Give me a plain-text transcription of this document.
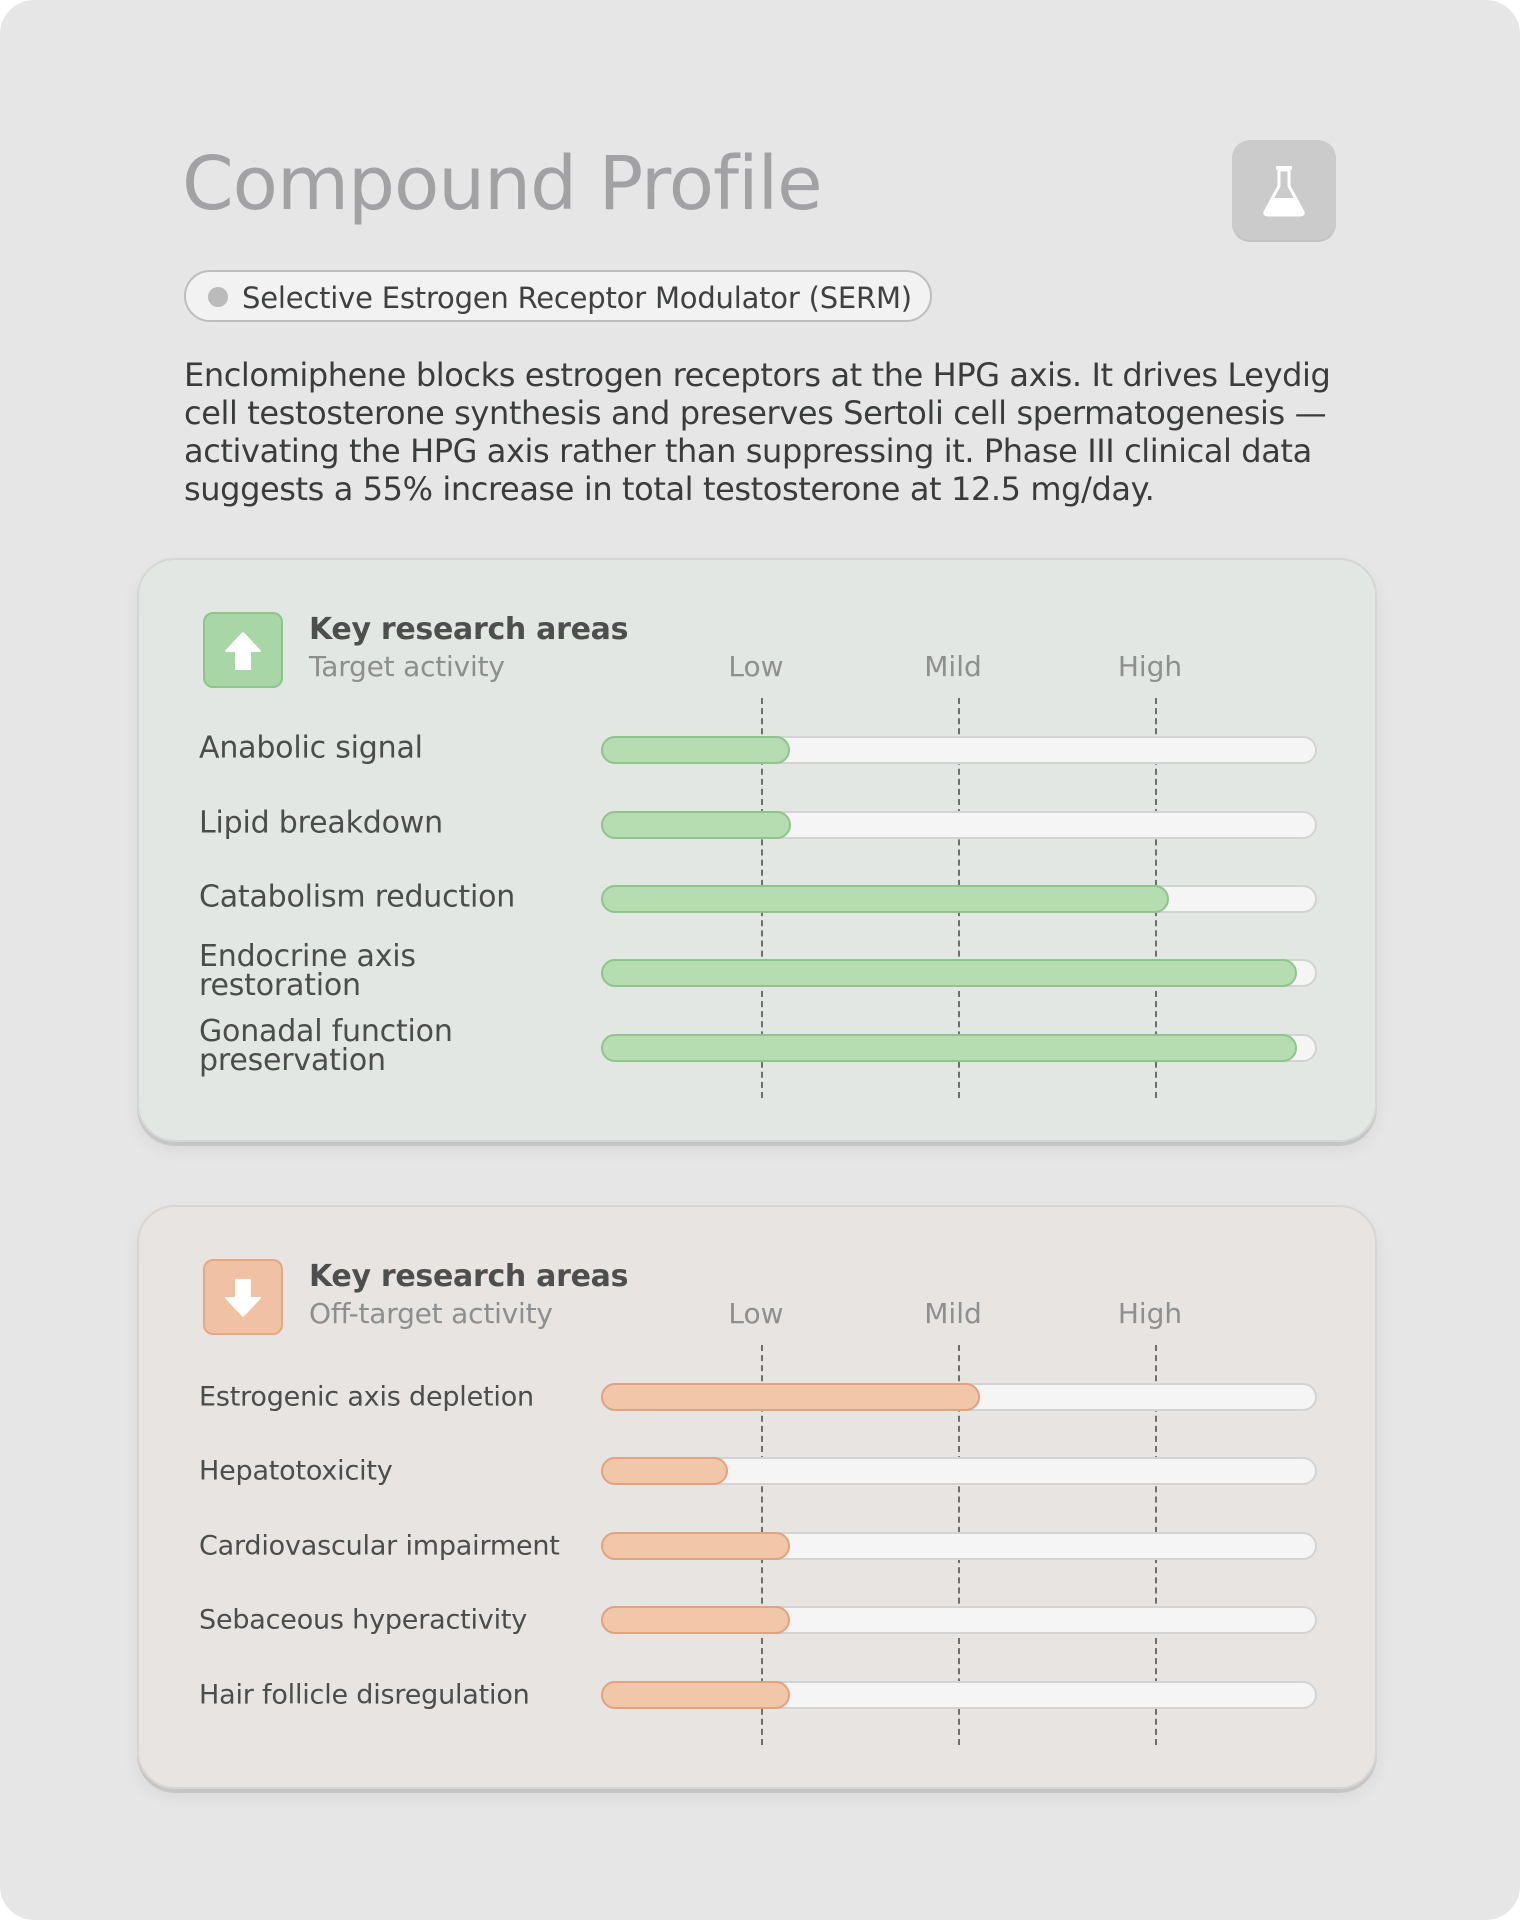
Compound Profile
Selective Estrogen Receptor Modulator (SERM)

Enclomiphene blocks estrogen receptors at the HPG axis. It drives Leydig cell testosterone synthesis and preserves Sertoli cell spermatogenesis — activating the HPG axis rather than suppressing it. Phase III clinical data suggests a 55% increase in total testosterone at 12.5 mg/day.

Key research areas
Target activity	Low	Mild	High
Anabolic signal
Lipid breakdown
Catabolism reduction
Endocrine axis restoration
Gonadal function preservation
Key research areas
Off-target activity	Low	Mild	High
Estrogenic axis depletion
Hepatotoxicity
Cardiovascular impairment
Sebaceous hyperactivity
Hair follicle disregulation
